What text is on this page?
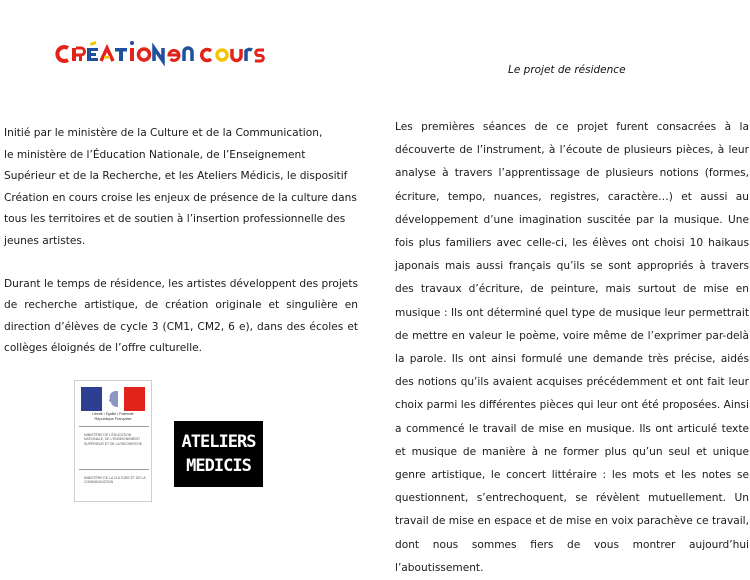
Le projet de résidence

Initié par le ministère de la Culture et de la Communication,
le ministère de l’Éducation Nationale, de l’Enseignement
Supérieur et de la Recherche, et les Ateliers Médicis, le dispositif
Création en cours croise les enjeux de présence de la culture dans
tous les territoires et de soutien à l’insertion professionnelle des
jeunes artistes.

Durant le temps de résidence, les artistes développent des projets de recherche artistique, de création originale et singulière en direction d’élèves de cycle 3 (CM1, CM2, 6 e), dans des écoles et collèges éloignés de l’offre culturelle.

Les premières séances de ce projet furent consacrées à la découverte de l’instrument, à l’écoute de plusieurs pièces, à leur analyse à travers l’apprentissage de plusieurs notions (formes, écriture, tempo, nuances, registres, caractère…) et aussi au développement d’une imagination suscitée par la musique. Une fois plus familiers avec celle-ci, les élèves ont choisi 10 haikaus japonais mais aussi français qu’ils se sont appropriés à travers des travaux d’écriture, de peinture, mais surtout de mise en musique : Ils ont déterminé quel type de musique leur permettrait de mettre en valeur le poème, voire même de l’exprimer par-delà la parole. Ils ont ainsi formulé une demande très précise, aidés des notions qu’ils avaient acquises précédemment et ont fait leur choix parmi les différentes pièces qui leur ont été proposées. Ainsi a commencé le travail de mise en musique. Ils ont articulé texte et musique de manière à ne former plus qu’un seul et unique genre artistique, le concert littéraire : les mots et les notes se questionnent, s’entrechoquent, se révèlent mutuellement. Un travail de mise en espace et de mise en voix parachève ce travail, dont nous sommes fiers de vous montrer aujourd’hui l’aboutissement.
Liberté • Égalité • Fraternité
République Française
MINISTÈRE DE L’ÉDUCATION NATIONALE, DE L’ENSEIGNEMENT SUPÉRIEUR ET DE LA RECHERCHE
MINISTÈRE DE LA CULTURE ET DE LA COMMUNICATION
ATELIERS
MEDICIS
